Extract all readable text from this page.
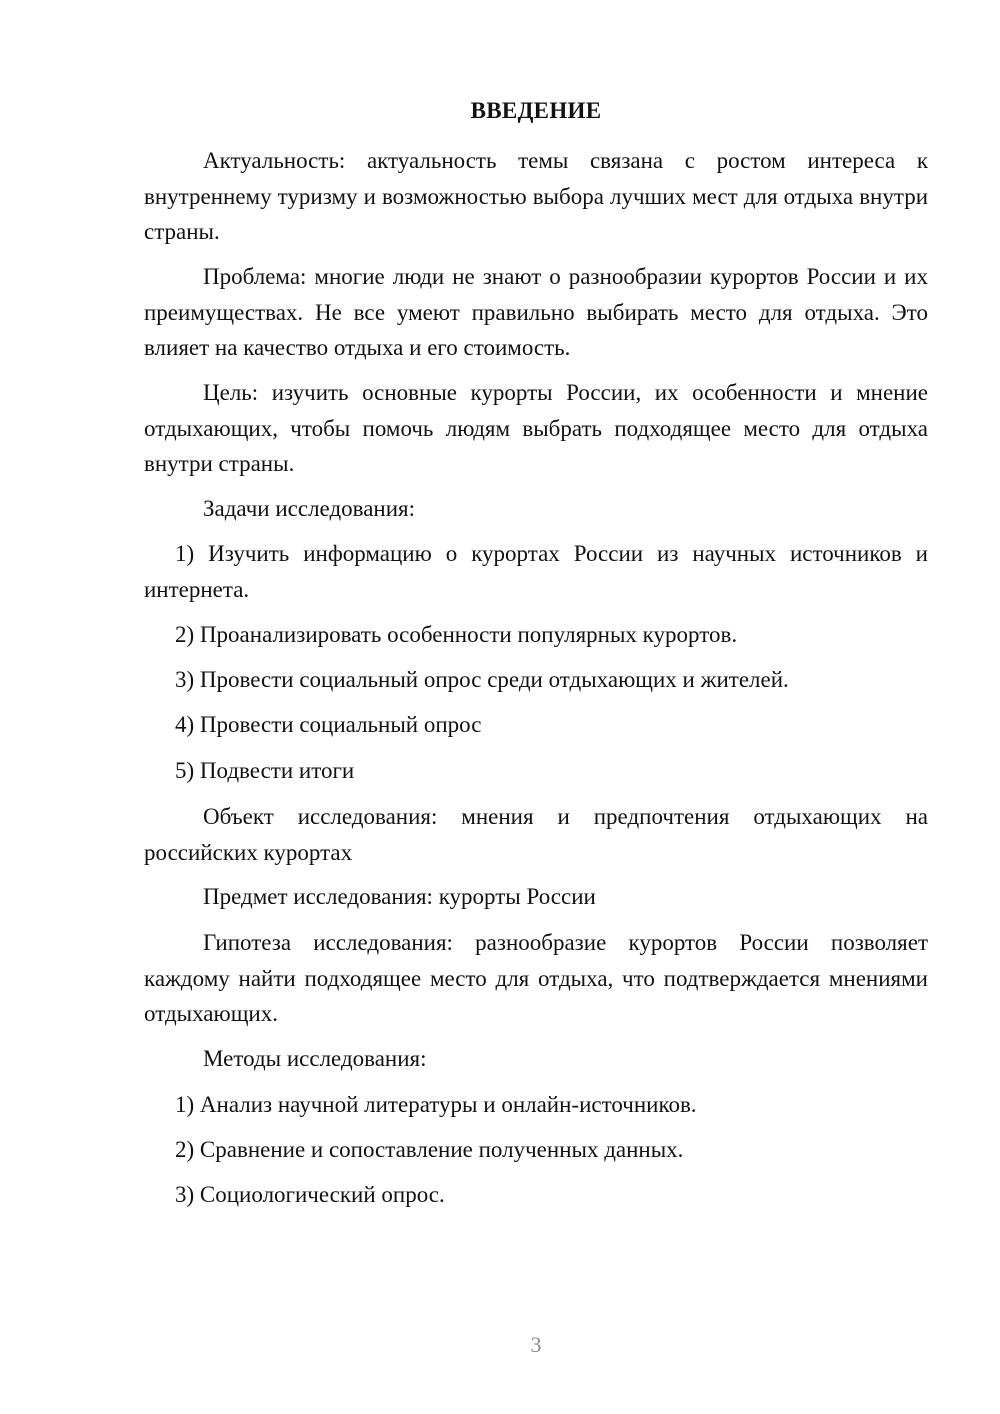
ВВЕДЕНИЕ

Актуальность: актуальность темы связана с ростом интереса к внутреннему туризму и возможностью выбора лучших мест для отдыха внутри страны.

Проблема: многие люди не знают о разнообразии курортов России и их преимуществах. Не все умеют правильно выбирать место для отдыха. Это влияет на качество отдыха и его стоимость.

Цель: изучить основные курорты России, их особенности и мнение отдыхающих, чтобы помочь людям выбрать подходящее место для отдыха внутри страны.

Задачи исследования:

1) Изучить информацию о курортах России из научных источников и интернета.

2) Проанализировать особенности популярных курортов.

3) Провести социальный опрос среди отдыхающих и жителей.

4) Провести социальный опрос

5) Подвести итоги

Объект исследования: мнения и предпочтения отдыхающих на российских курортах

Предмет исследования: курорты России

Гипотеза исследования: разнообразие курортов России позволяет каждому найти подходящее место для отдыха, что подтверждается мнениями отдыхающих.

Методы исследования:

1) Анализ научной литературы и онлайн-источников.

2) Сравнение и сопоставление полученных данных.

3) Социологический опрос.

3
